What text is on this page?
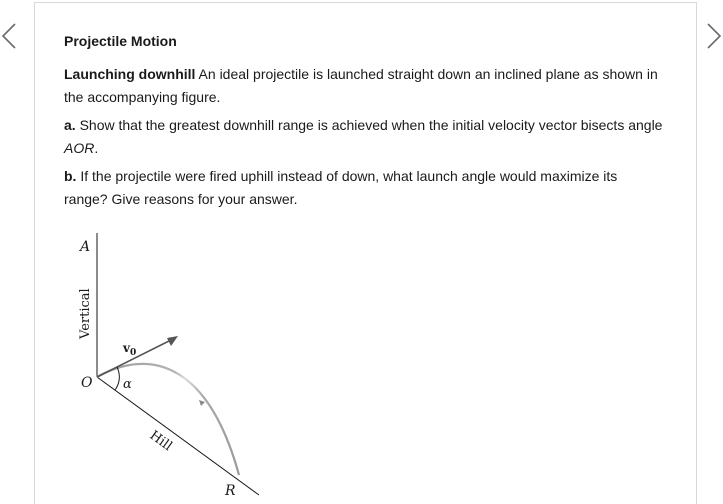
Projectile Motion

Launching downhill An ideal projectile is launched straight down an inclined plane as shown in the accompanying figure.

a. Show that the greatest downhill range is achieved when the initial velocity vector bisects angle AOR.

b. If the projectile were fired uphill instead of down, what launch angle would maximize its range? Give reasons for your answer.

A
Vertical
$v_0$
O α
Hill
R
